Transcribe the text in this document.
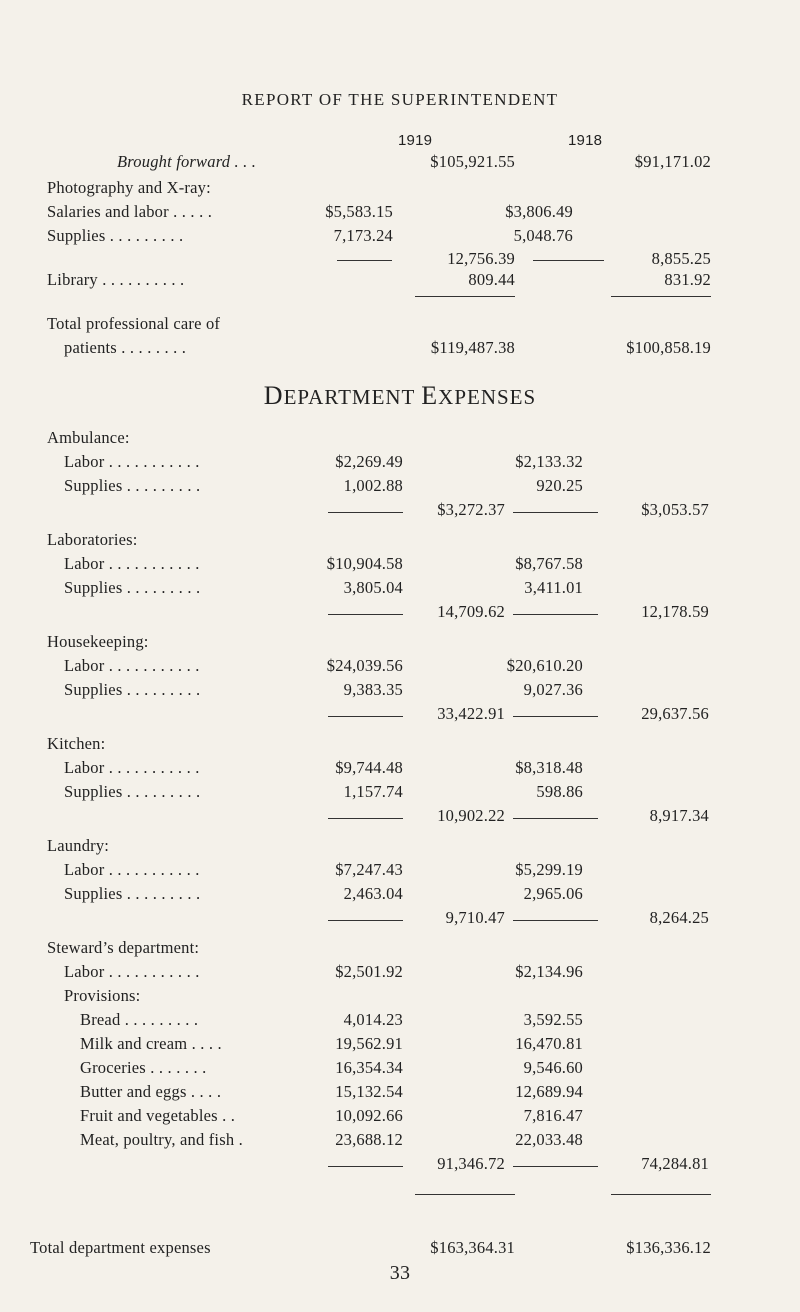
REPORT OF THE SUPERINTENDENT
1919	1918
Brought forward . . .	$105,921.55	$91,171.02
Photography and X-ray:
Salaries and labor . . . . .	$5,583.15	$3,806.49
Supplies . . . . . . . . .	7,173.24	5,048.76
12,756.39	8,855.25
Library . . . . . . . . . .	809.44	831.92
Total professional care of
patients . . . . . . . .	$119,487.38	$100,858.19
DEPARTMENT EXPENSES
Ambulance:
Labor . . . . . . . . . . .	$2,269.49	$2,133.32
Supplies . . . . . . . . .	1,002.88	920.25
$3,272.37	$3,053.57
Laboratories:
Labor . . . . . . . . . . .	$10,904.58	$8,767.58
Supplies . . . . . . . . .	3,805.04	3,411.01
14,709.62	12,178.59
Housekeeping:
Labor . . . . . . . . . . .	$24,039.56	$20,610.20
Supplies . . . . . . . . .	9,383.35	9,027.36
33,422.91	29,637.56
Kitchen:
Labor . . . . . . . . . . .	$9,744.48	$8,318.48
Supplies . . . . . . . . .	1,157.74	598.86
10,902.22	8,917.34
Laundry:
Labor . . . . . . . . . . .	$7,247.43	$5,299.19
Supplies . . . . . . . . .	2,463.04	2,965.06
9,710.47	8,264.25
Steward’s department:
Labor . . . . . . . . . . .	$2,501.92	$2,134.96
Provisions:
Bread . . . . . . . . .	4,014.23	3,592.55
Milk and cream . . . .	19,562.91	16,470.81
Groceries . . . . . . .	16,354.34	9,546.60
Butter and eggs . . . .	15,132.54	12,689.94
Fruit and vegetables . .	10,092.66	7,816.47
Meat, poultry, and fish .	23,688.12	22,033.48
91,346.72	74,284.81
Total department expenses	$163,364.31	$136,336.12
33
